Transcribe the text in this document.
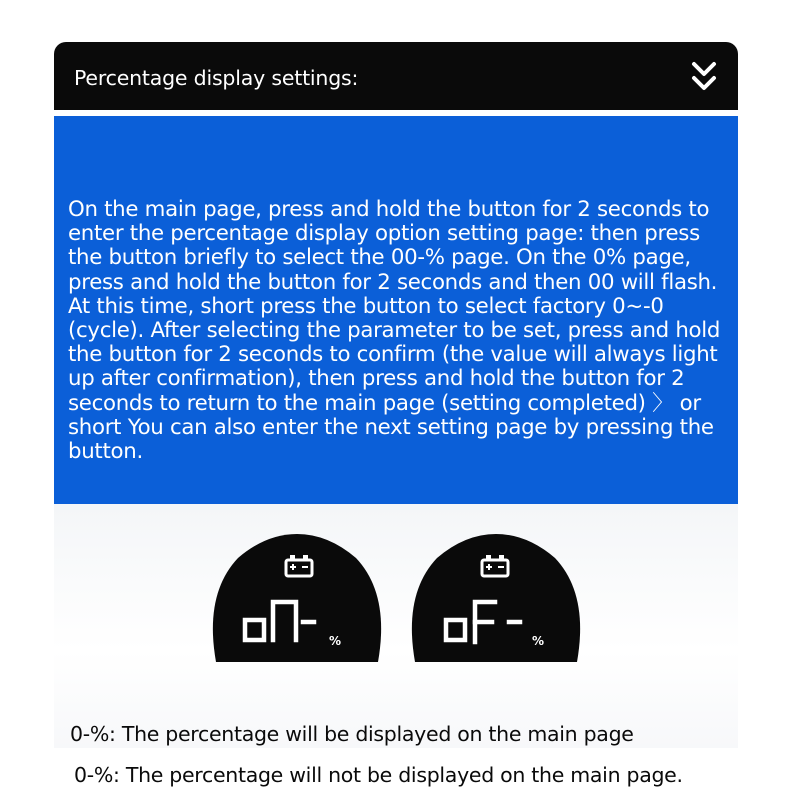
Percentage display settings:

On the main page, press and hold the button for 2 seconds to enter the percentage display option setting page: then press the button briefly to select the 00-% page. On the 0% page, press and hold the button for 2 seconds and then 00 will flash. At this time, short press the button to select factory 0~-0 (cycle). After selecting the parameter to be set, press and hold the button for 2 seconds to confirm (the value will always light up after confirmation), then press and hold the button for 2 seconds to return to the main page (setting completed) 〉 or short You can also enter the next setting page by pressing the button.

%	%
0-%: The percentage will be displayed on the main page
0-%: The percentage will not be displayed on the main page.
